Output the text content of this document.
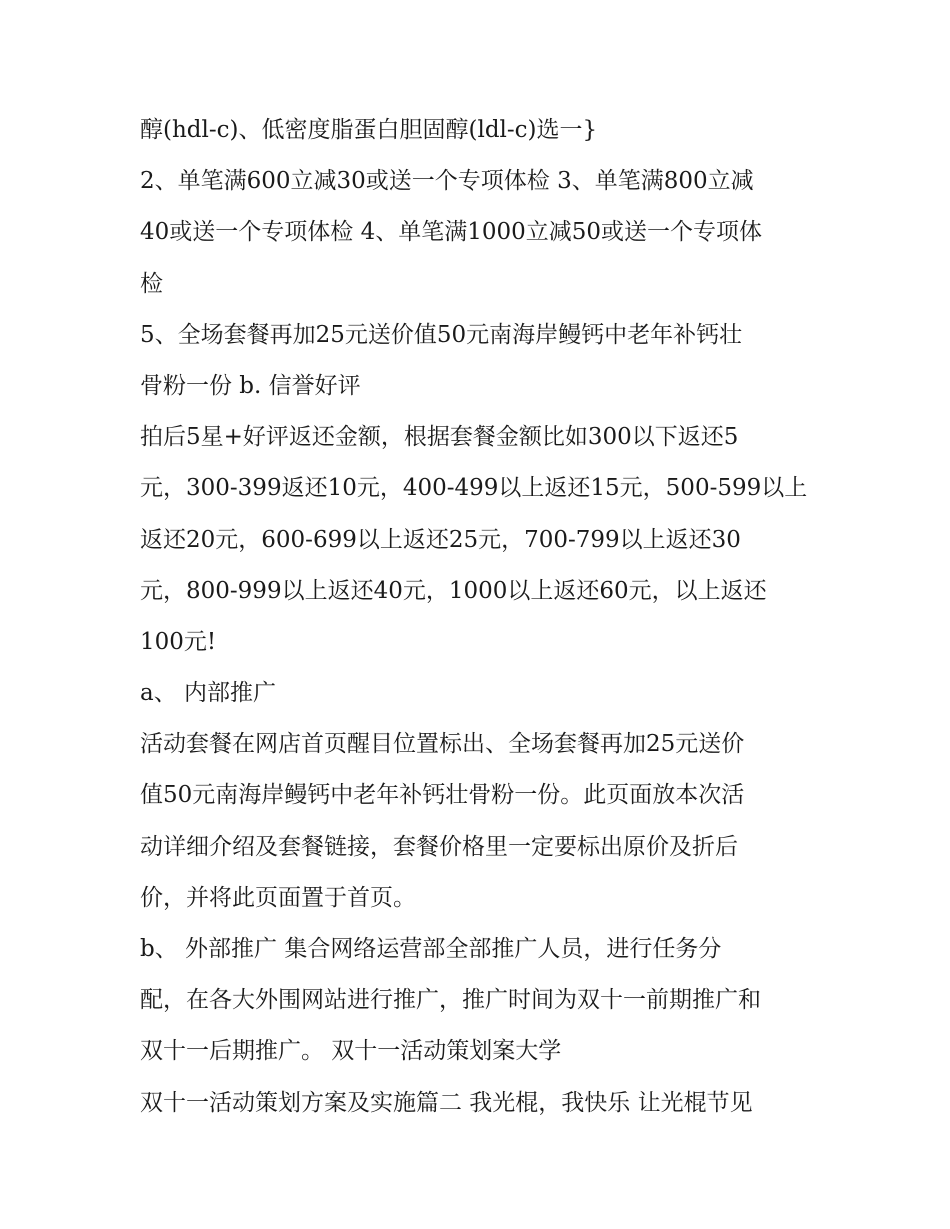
醇(hdl-c)、低密度脂蛋白胆固醇(ldl-c)选一}
2、单笔满600立减30或送一个专项体检 3、单笔满800立减
40或送一个专项体检 4、单笔满1000立减50或送一个专项体
检
5、全场套餐再加25元送价值50元南海岸鳗钙中老年补钙壮
骨粉一份 b. 信誉好评
拍后5星+好评返还金额，根据套餐金额比如300以下返还5
元，300-399返还10元，400-499以上返还15元，500-599以上
返还20元，600-699以上返还25元，700-799以上返还30
元，800-999以上返还40元，1000以上返还60元，以上返还
100元!
a、 内部推广
活动套餐在网店首页醒目位置标出、全场套餐再加25元送价
值50元南海岸鳗钙中老年补钙壮骨粉一份。此页面放本次活
动详细介绍及套餐链接，套餐价格里一定要标出原价及折后
价，并将此页面置于首页。
b、 外部推广 集合网络运营部全部推广人员，进行任务分
配，在各大外围网站进行推广，推广时间为双十一前期推广和
双十一后期推广。 双十一活动策划案大学
双十一活动策划方案及实施篇二 我光棍，我快乐 让光棍节见
